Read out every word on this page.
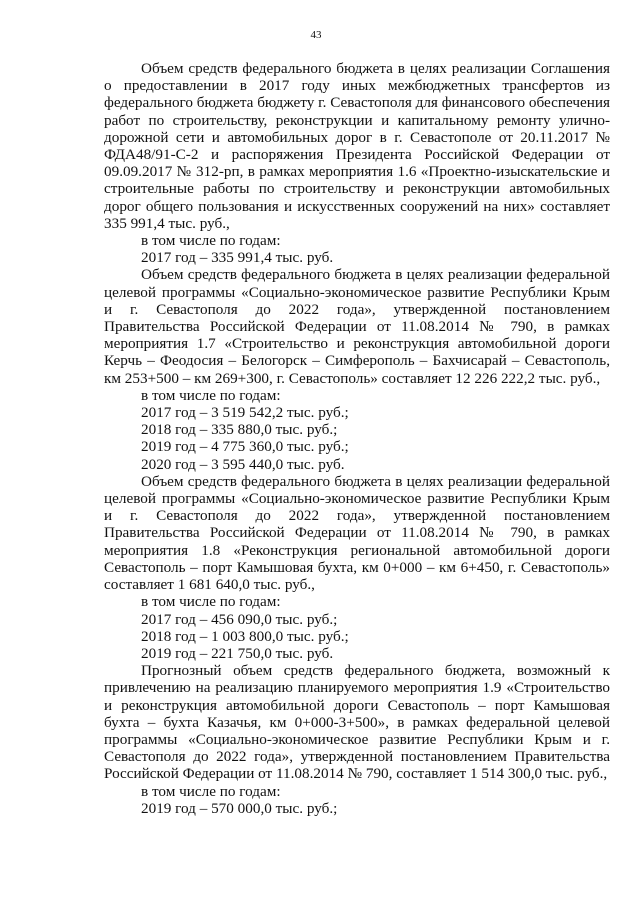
43

Объем средств федерального бюджета в целях реализации Соглашения о предоставлении в 2017 году иных межбюджетных трансфертов из федерального бюджета бюджету г. Севастополя для финансового обеспечения работ по строительству, реконструкции и капитальному ремонту улично-дорожной сети и автомобильных дорог в г. Севастополе от 20.11.2017 № ФДА48/91-С-2 и распоряжения Президента Российской Федерации от 09.09.2017 № 312-рп, в рамках мероприятия 1.6 «Проектно-изыскательские и строительные работы по строительству и реконструкции автомобильных дорог общего пользования и искусственных сооружений на них» составляет 335 991,4 тыс. руб.,

в том числе по годам:

2017 год – 335 991,4 тыс. руб.

Объем средств федерального бюджета в целях реализации федеральной целевой программы «Социально-экономическое развитие Республики Крым и г. Севастополя до 2022 года», утвержденной постановлением Правительства Российской Федерации от 11.08.2014 № 790, в рамках мероприятия 1.7 «Строительство и реконструкция автомобильной дороги Керчь – Феодосия – Белогорск – Симферополь – Бахчисарай – Севастополь, км 253+500 – км 269+300, г. Севастополь» составляет 12 226 222,2 тыс. руб.,

в том числе по годам:

2017 год – 3 519 542,2 тыс. руб.;

2018 год – 335 880,0 тыс. руб.;

2019 год – 4 775 360,0 тыс. руб.;

2020 год – 3 595 440,0 тыс. руб.

Объем средств федерального бюджета в целях реализации федеральной целевой программы «Социально-экономическое развитие Республики Крым и г. Севастополя до 2022 года», утвержденной постановлением Правительства Российской Федерации от 11.08.2014 № 790, в рамках мероприятия 1.8 «Реконструкция региональной автомобильной дороги Севастополь – порт Камышовая бухта, км 0+000 – км 6+450, г. Севастополь» составляет 1 681 640,0 тыс. руб.,

в том числе по годам:

2017 год – 456 090,0 тыс. руб.;

2018 год – 1 003 800,0 тыс. руб.;

2019 год – 221 750,0 тыс. руб.

Прогнозный объем средств федерального бюджета, возможный к привлечению на реализацию планируемого мероприятия 1.9 «Строительство и реконструкция автомобильной дороги Севастополь – порт Камышовая бухта – бухта Казачья, км 0+000-3+500», в рамках федеральной целевой программы «Социально-экономическое развитие Республики Крым и г. Севастополя до 2022 года», утвержденной постановлением Правительства Российской Федерации от 11.08.2014 № 790, составляет 1 514 300,0 тыс. руб.,

в том числе по годам:

2019 год – 570 000,0 тыс. руб.;
